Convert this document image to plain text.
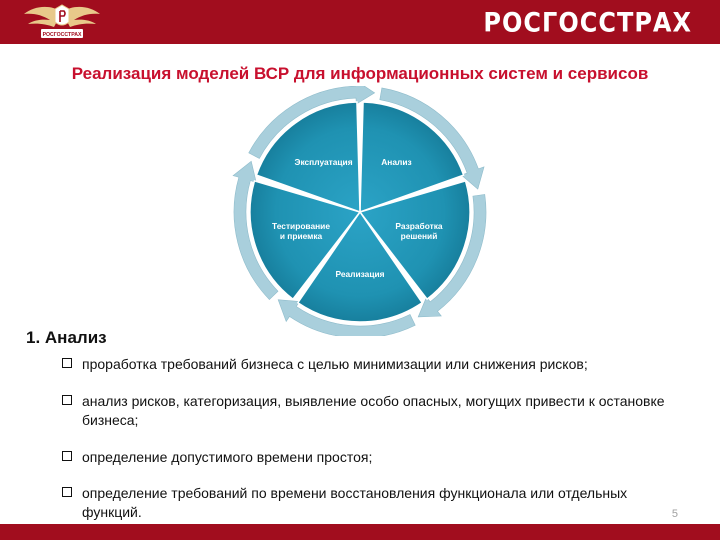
РОСГОССТРАХ	РОСГОССТРАХ
Реализация моделей ВСР для информационных систем и сервисов
Анализ
Разработка решений
Реализация
Тестирование и приемка
Эксплуатация
1. Анализ
проработка требований бизнеса с целью минимизации или снижения рисков;
анализ рисков, категоризация, выявление особо опасных, могущих привести к остановке бизнеса;
определение допустимого времени простоя;
определение требований по времени восстановления функционала или отдельных функций.	5
